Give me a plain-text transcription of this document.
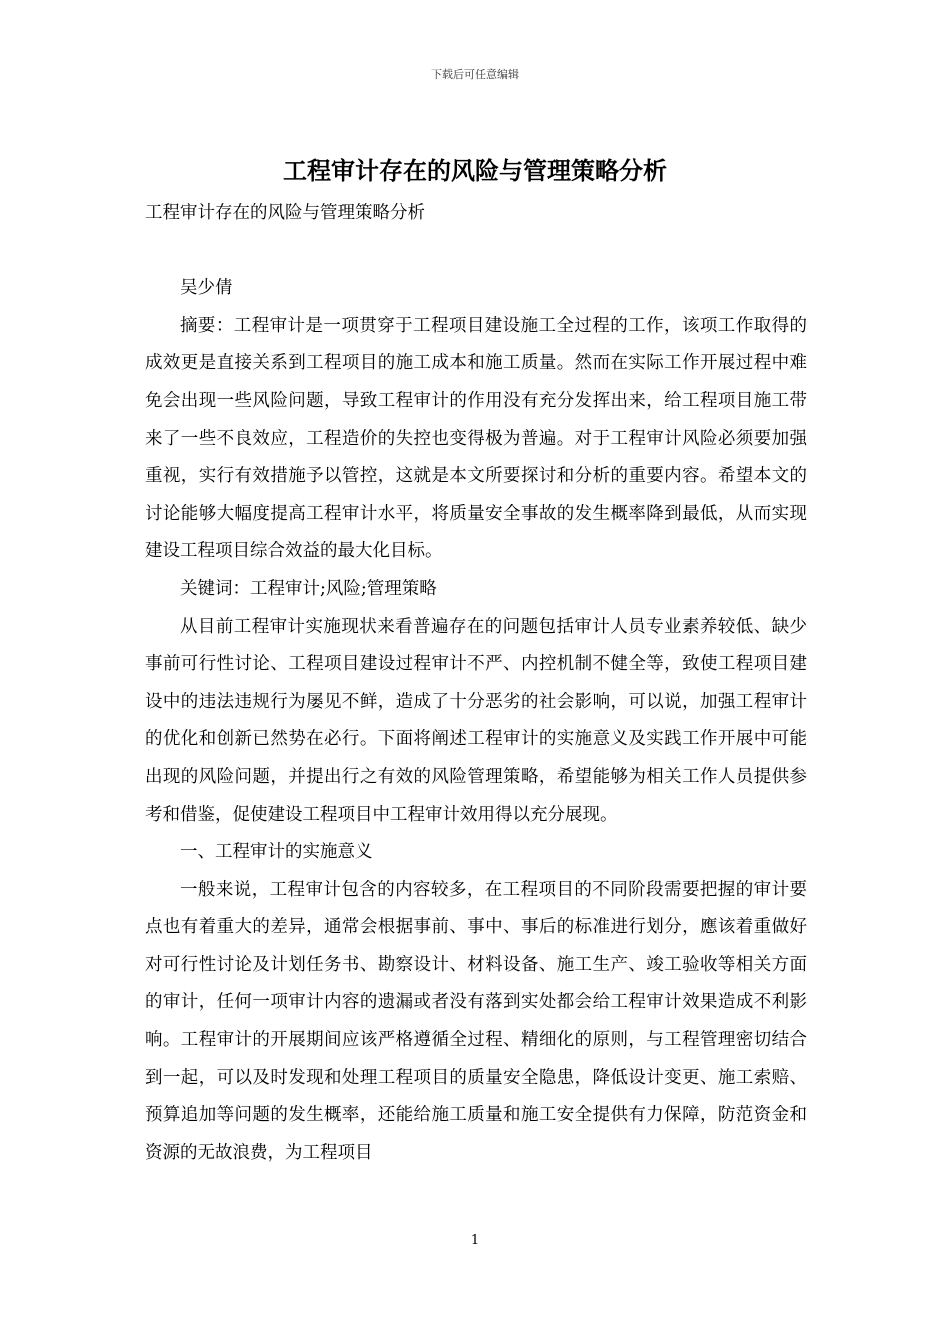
下载后可任意编辑
工程审计存在的风险与管理策略分析

工程审计存在的风险与管理策略分析

吴少倩

摘要：工程审计是一项贯穿于工程项目建设施工全过程的工作，该项工作取得的成效更是直接关系到工程项目的施工成本和施工质量。然而在实际工作开展过程中难免会出现一些风险问题，导致工程审计的作用没有充分发挥出来，给工程项目施工带来了一些不良效应，工程造价的失控也变得极为普遍。对于工程审计风险必须要加强重视，实行有效措施予以管控，这就是本文所要探讨和分析的重要内容。希望本文的讨论能够大幅度提高工程审计水平，将质量安全事故的发生概率降到最低，从而实现建设工程项目综合效益的最大化目标。

关键词：工程审计;风险;管理策略

从目前工程审计实施现状来看普遍存在的问题包括审计人员专业素养较低、缺少事前可行性讨论、工程项目建设过程审计不严、内控机制不健全等，致使工程项目建设中的违法违规行为屡见不鲜，造成了十分恶劣的社会影响，可以说，加强工程审计的优化和创新已然势在必行。下面将阐述工程审计的实施意义及实践工作开展中可能出现的风险问题，并提出行之有效的风险管理策略，希望能够为相关工作人员提供参考和借鉴，促使建设工程项目中工程审计效用得以充分展现。

一、工程审计的实施意义

一般来说，工程审计包含的内容较多，在工程项目的不同阶段需要把握的审计要点也有着重大的差异，通常会根据事前、事中、事后的标准进行划分，應该着重做好对可行性讨论及计划任务书、勘察设计、材料设备、施工生产、竣工验收等相关方面的审计，任何一项审计内容的遗漏或者没有落到实处都会给工程审计效果造成不利影响。工程审计的开展期间应该严格遵循全过程、精细化的原则，与工程管理密切结合到一起，可以及时发现和处理工程项目的质量安全隐患，降低设计变更、施工索赔、预算追加等问题的发生概率，还能给施工质量和施工安全提供有力保障，防范资金和资源的无故浪费，为工程项目

1
